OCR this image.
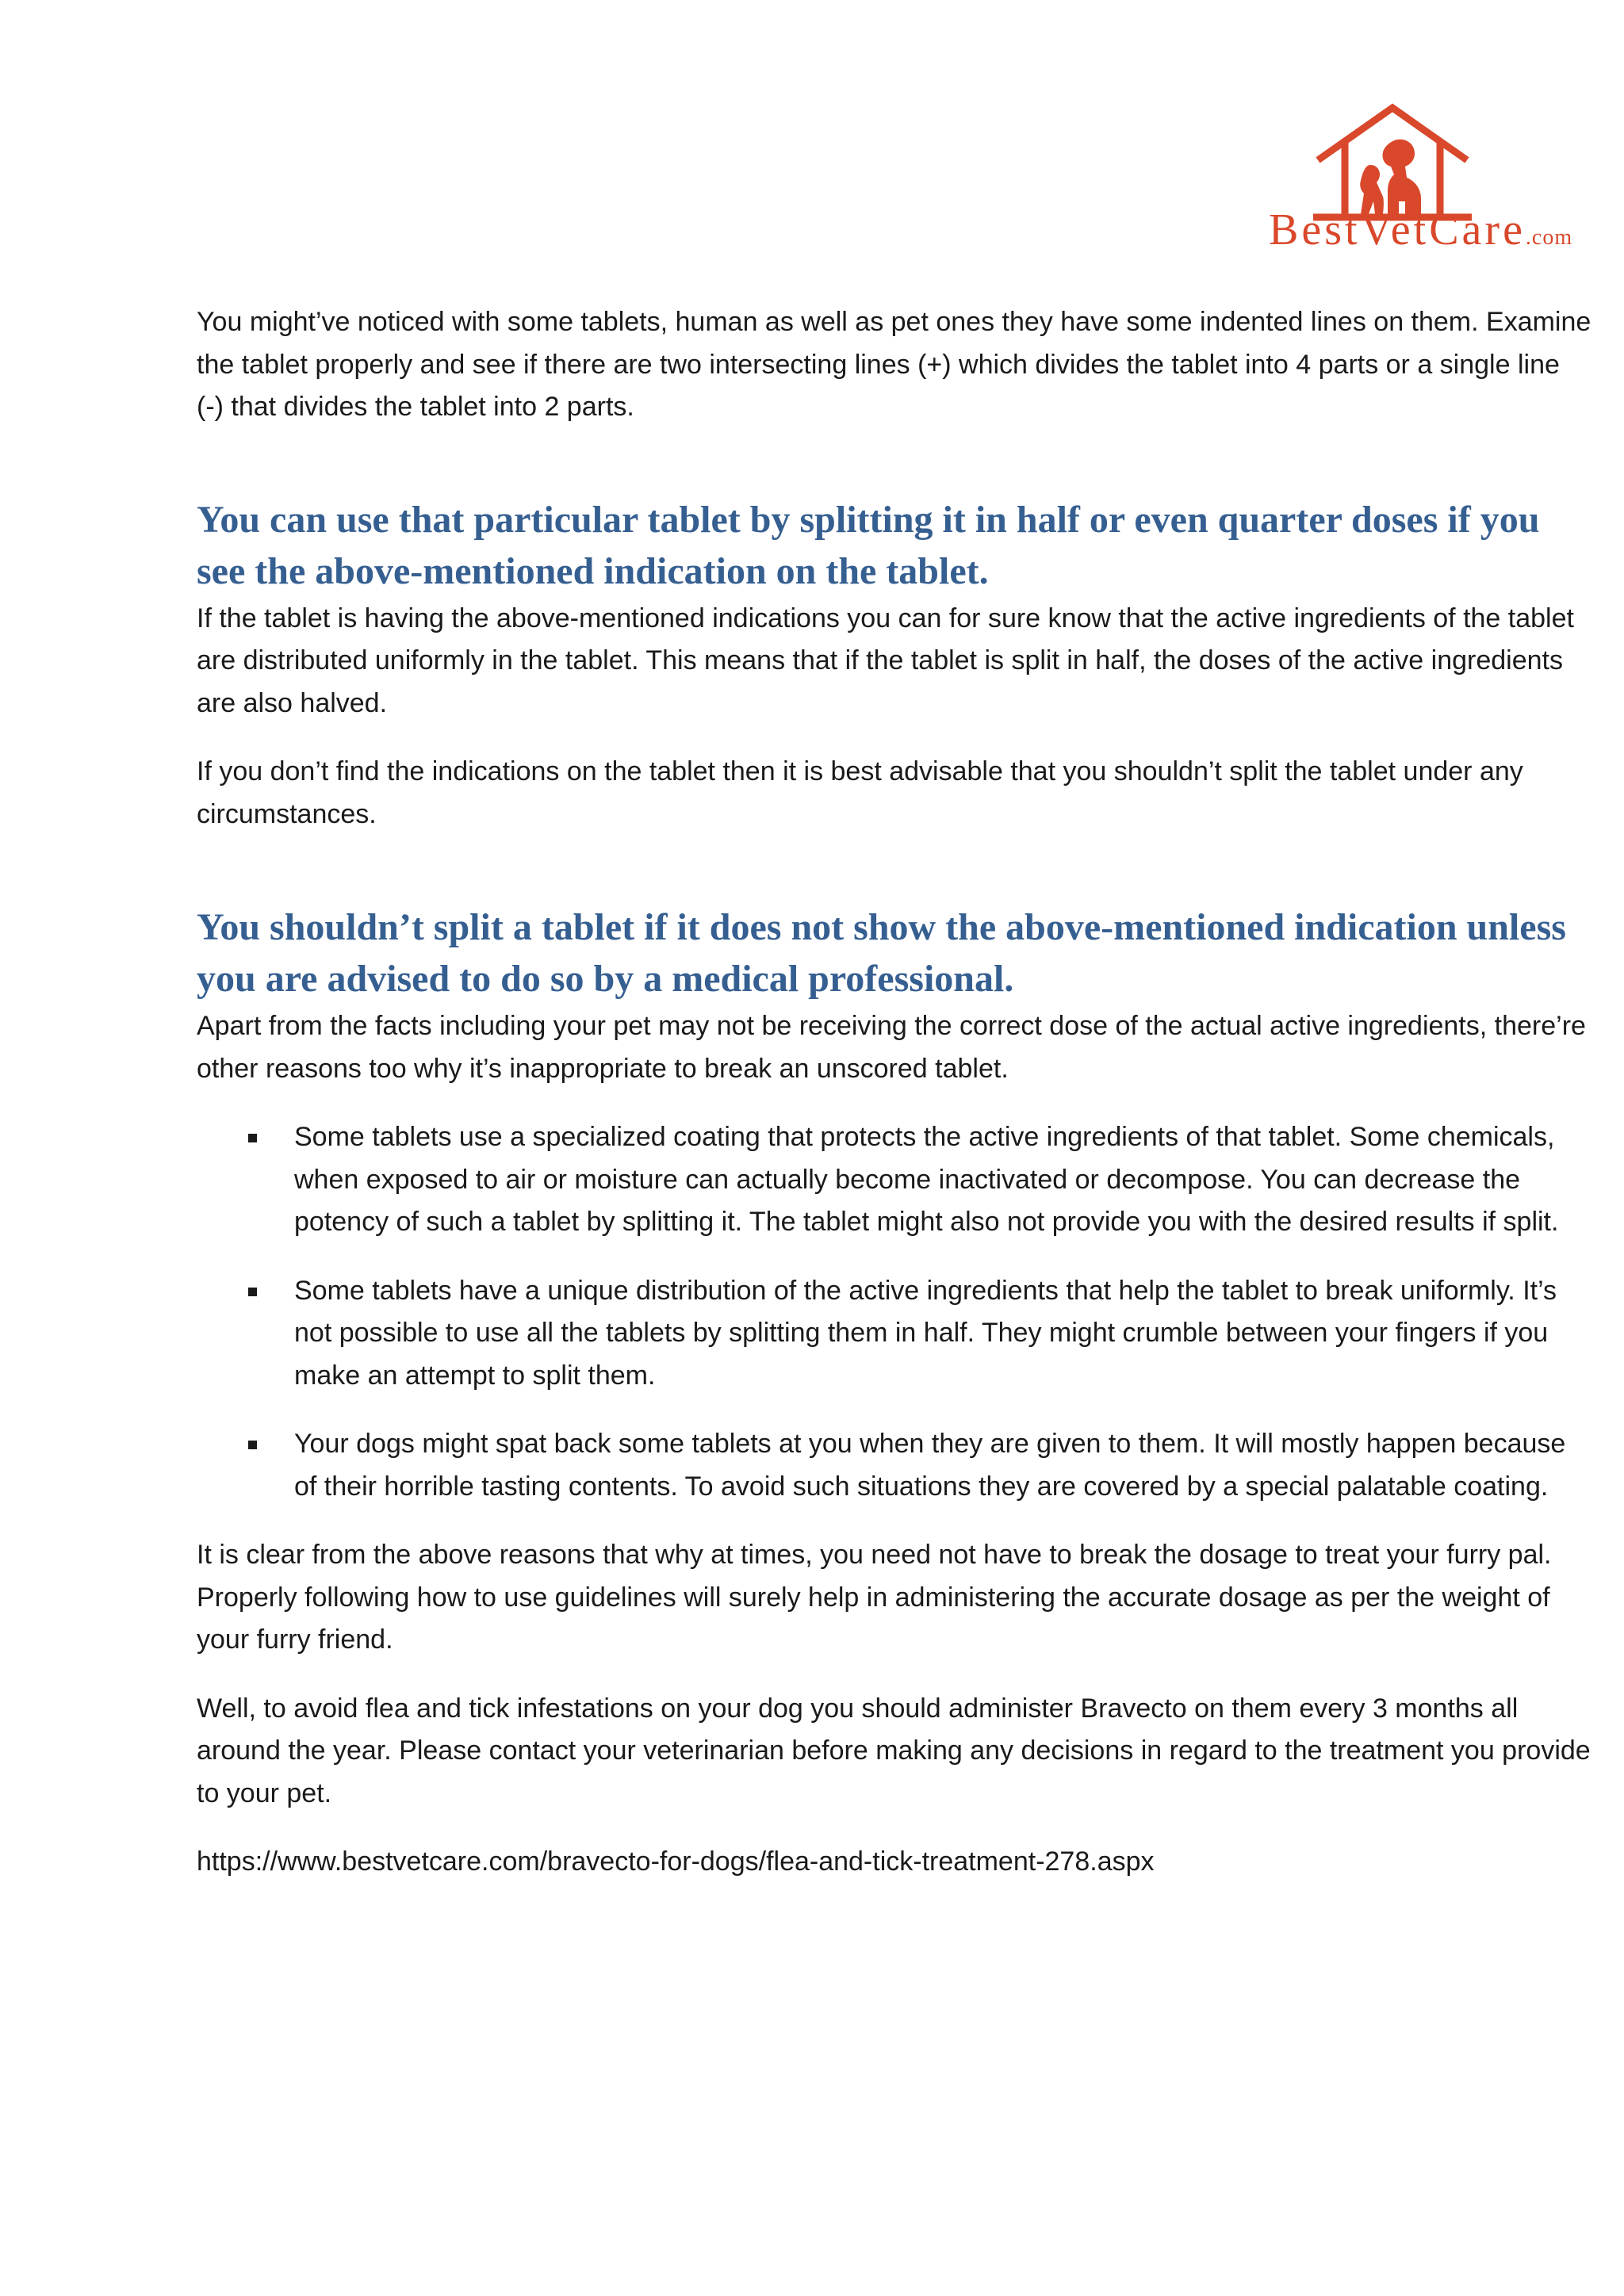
BestVetCare.com

You might’ve noticed with some tablets, human as well as pet ones they have some indented lines on them. Examine the tablet properly and see if there are two intersecting lines (+) which divides the tablet into 4 parts or a single line (-) that divides the tablet into 2 parts.

You can use that particular tablet by splitting it in half or even quarter doses if you see the above-mentioned indication on the tablet.

If the tablet is having the above-mentioned indications you can for sure know that the active ingredients of the tablet are distributed uniformly in the tablet. This means that if the tablet is split in half, the doses of the active ingredients are also halved.

If you don’t find the indications on the tablet then it is best advisable that you shouldn’t split the tablet under any circumstances.

You shouldn’t split a tablet if it does not show the above-mentioned indication unless you are advised to do so by a medical professional.

Apart from the facts including your pet may not be receiving the correct dose of the actual active ingredients, there’re other reasons too why it’s inappropriate to break an unscored tablet.

Some tablets use a specialized coating that protects the active ingredients of that tablet. Some chemicals, when exposed to air or moisture can actually become inactivated or decompose. You can decrease the potency of such a tablet by splitting it. The tablet might also not provide you with the desired results if split.
Some tablets have a unique distribution of the active ingredients that help the tablet to break uniformly. It’s not possible to use all the tablets by splitting them in half. They might crumble between your fingers if you make an attempt to split them.
Your dogs might spat back some tablets at you when they are given to them. It will mostly happen because of their horrible tasting contents. To avoid such situations they are covered by a special palatable coating.

It is clear from the above reasons that why at times, you need not have to break the dosage to treat your furry pal. Properly following how to use guidelines will surely help in administering the accurate dosage as per the weight of your furry friend.

Well, to avoid flea and tick infestations on your dog you should administer Bravecto on them every 3 months all around the year. Please contact your veterinarian before making any decisions in regard to the treatment you provide to your pet.

https://www.bestvetcare.com/bravecto-for-dogs/flea-and-tick-treatment-278.aspx
